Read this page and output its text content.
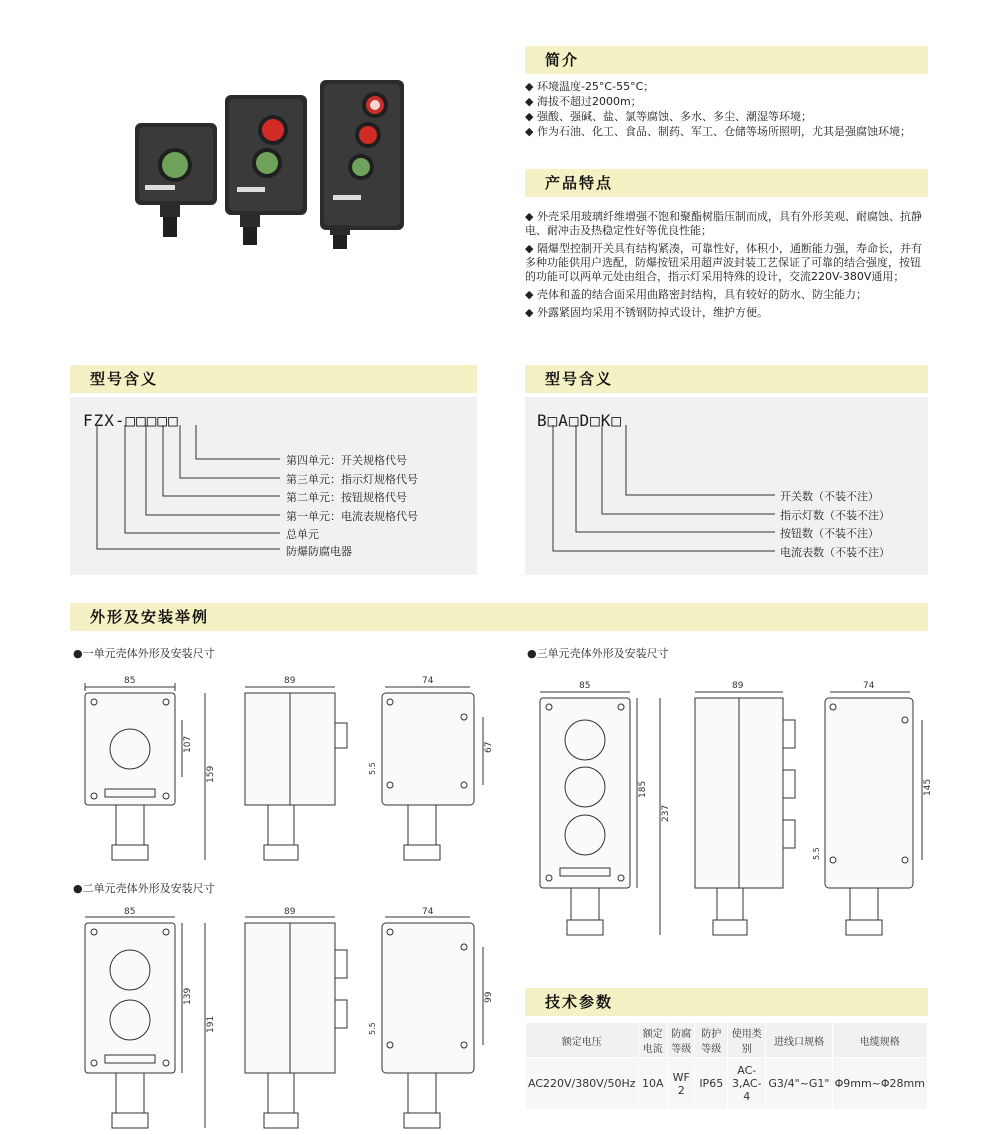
简介
◆ 环境温度-25°C-55°C；
◆ 海拔不超过2000m；
◆ 强酸、强碱、盐、氯等腐蚀、多水、多尘、潮湿等环境；
◆ 作为石油、化工、食品、制药、军工、仓储等场所照明，尤其是强腐蚀环境；
产品特点
◆ 外壳采用玻璃纤维增强不饱和聚酯树脂压制而成，具有外形美观、耐腐蚀、抗静电、耐冲击及热稳定性好等优良性能；
◆ 隔爆型控制开关具有结构紧凑，可靠性好，体积小，通断能力强，寿命长，并有多种功能供用户选配，防爆按钮采用超声波封装工艺保证了可靠的结合强度，按钮的功能可以两单元处由组合，指示灯采用特殊的设计，交流220V-380V通用；
◆ 壳体和盖的结合面采用曲路密封结构，具有较好的防水、防尘能力；
◆ 外露紧固均采用不锈钢防掉式设计，维护方便。
型号含义
FZX-□□□□□
第四单元：开关规格代号
第三单元：指示灯规格代号
第二单元：按钮规格代号
第一单元：电流表规格代号
总单元
防爆防腐电器
型号含义
B□A□D□K□
开关数（不装不注）
指示灯数（不装不注）
按钮数（不装不注）
电流表数（不装不注）
外形及安装举例
●一单元壳体外形及安装尺寸	●三单元壳体外形及安装尺寸
●二单元壳体外形及安装尺寸
85
107
159
89	74
67
5.5
85
139
191
89	74
99
5.5
85
185
237
89	74
145
5.5
技术参数
额定电压	额定电流	防腐等级	防护等级	使用类别	进线口规格	电缆规格
AC220V/380V/50Hz	10A	WF 2	IP65	AC-3,AC-4	G3/4"~G1"	Φ9mm~Φ28mm
